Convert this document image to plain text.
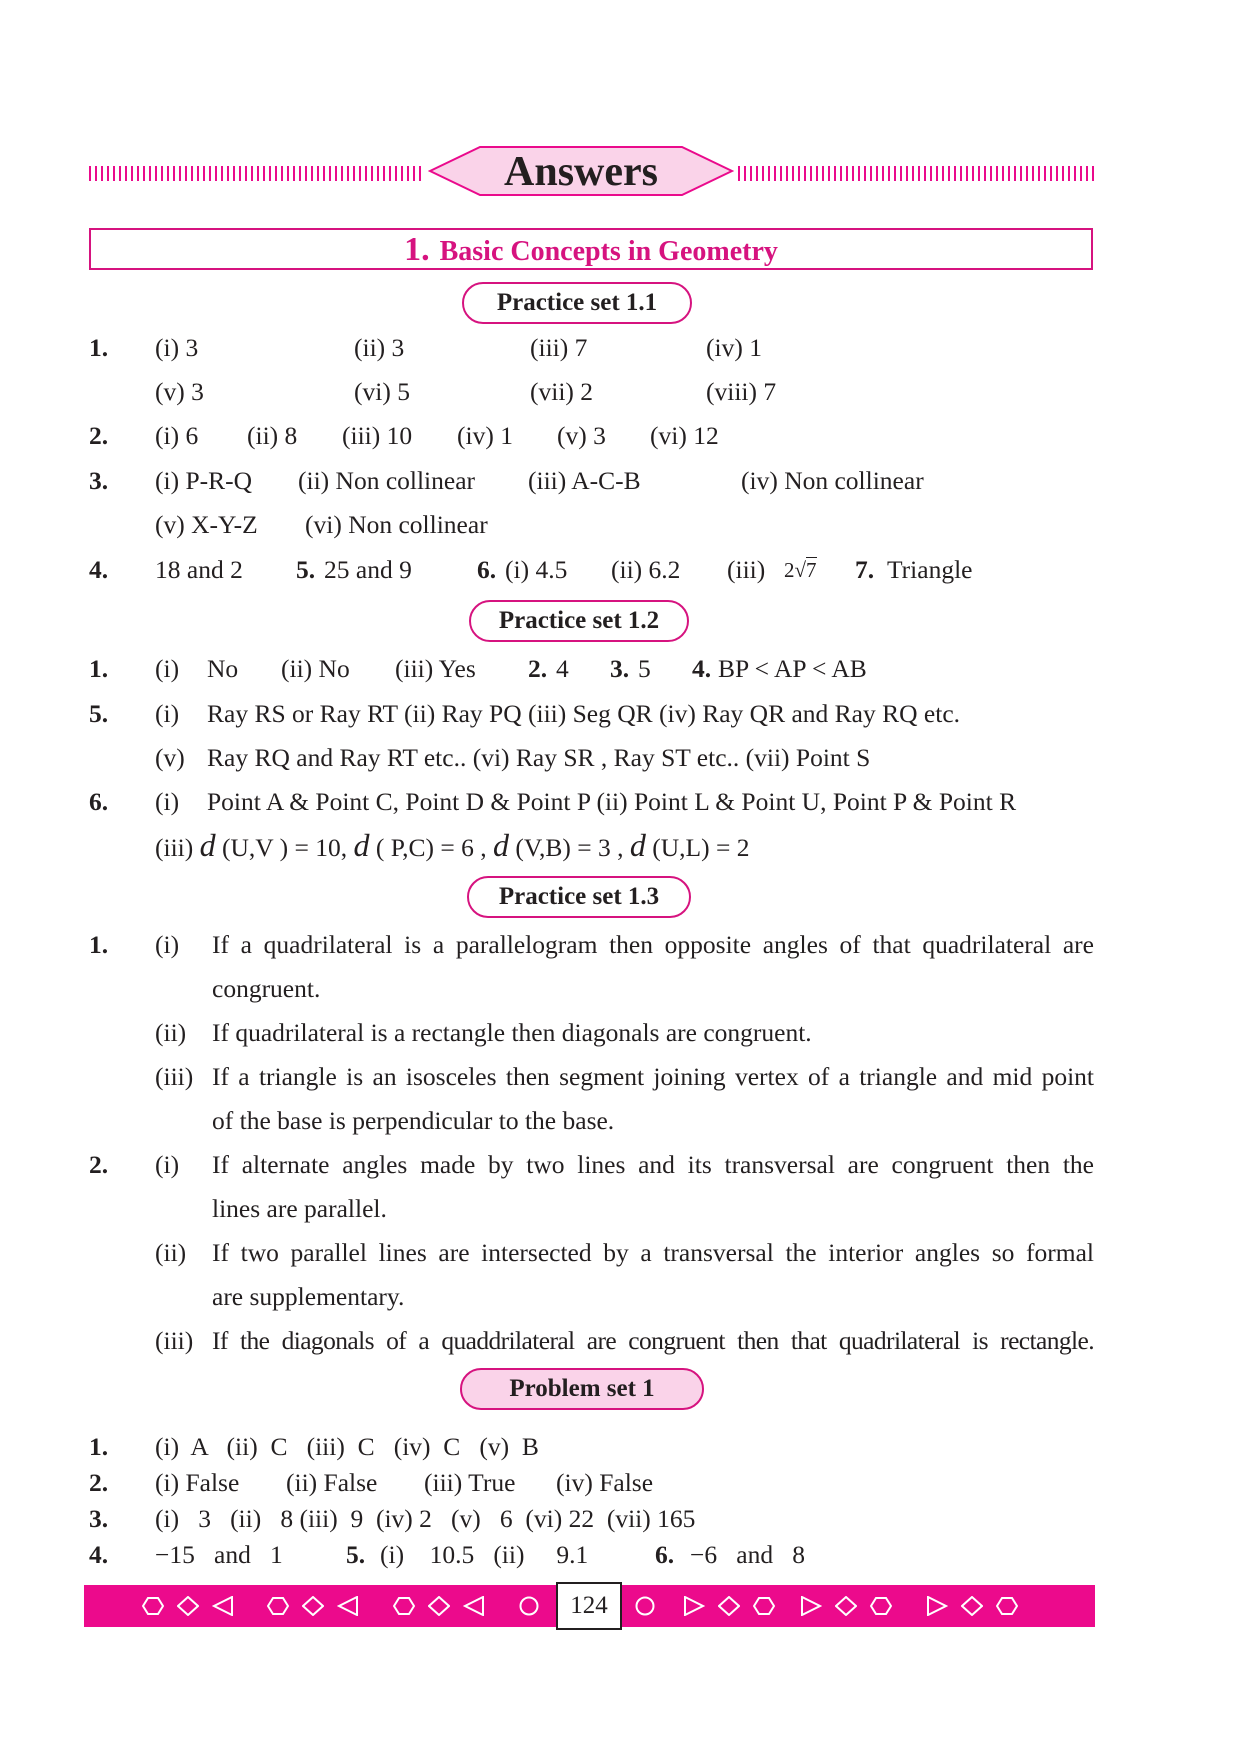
Answers
1. Basic Concepts in Geometry
Practice set 1.1
1. (i) 3	(ii) 3	(iii) 7	(iv) 1
(v) 3	(vi) 5	(vii) 2	(viii) 7
2. (i) 6 (ii) 8 (iii) 10 (iv) 1 (v) 3 (vi) 12
3. (i) P-R-Q (ii) Non collinear (iii) A-C-B	(iv) Non collinear
(v) X-Y-Z (vi) Non collinear
4. 18 and 2 5. 25 and 9	6. (i) 4.5 (ii) 6.2 (iii) 2√7 7. Triangle
Practice set 1.2
1. (i) No (ii) No (iii) Yes 2. 4 3. 5 4. BP < AP < AB
5. (i) Ray RS or Ray RT (ii) Ray PQ (iii) Seg QR (iv) Ray QR and Ray RQ etc.
(v) Ray RQ and Ray RT etc.. (vi) Ray SR , Ray ST etc.. (vii) Point S
6. (i) Point A & Point C, Point D & Point P (ii) Point L & Point U, Point P & Point R
(iii) d (U,V ) = 10, d ( P,C) = 6 , d (V,B) = 3 , d (U,L) = 2
Practice set 1.3
1. (i) If a quadrilateral is a parallelogram then opposite angles of that quadrilateral are
congruent.
(ii) If quadrilateral is a rectangle then diagonals are congruent.
(iii) If a triangle is an isosceles then segment joining vertex of a triangle and mid point
of the base is perpendicular to the base.
2. (i) If alternate angles made by two lines and its transversal are congruent then the
lines are parallel.
(ii) If two parallel lines are intersected by a transversal the interior angles so formal
are supplementary.
(iii) If the diagonals of a quaddrilateral are congruent then that quadrilateral is rectangle.
Problem set 1
1. (i)  A   (ii)  C   (iii)  C   (iv)  C   (v)  B
2. (i) False (ii) False (iii) True (iv) False
3. (i)   3   (ii)   8 (iii)  9  (iv) 2   (v)   6  (vi) 22  (vii) 165
4. −15   and   1 5. (i)    10.5   (ii)     9.1	6. −6   and   8
124
